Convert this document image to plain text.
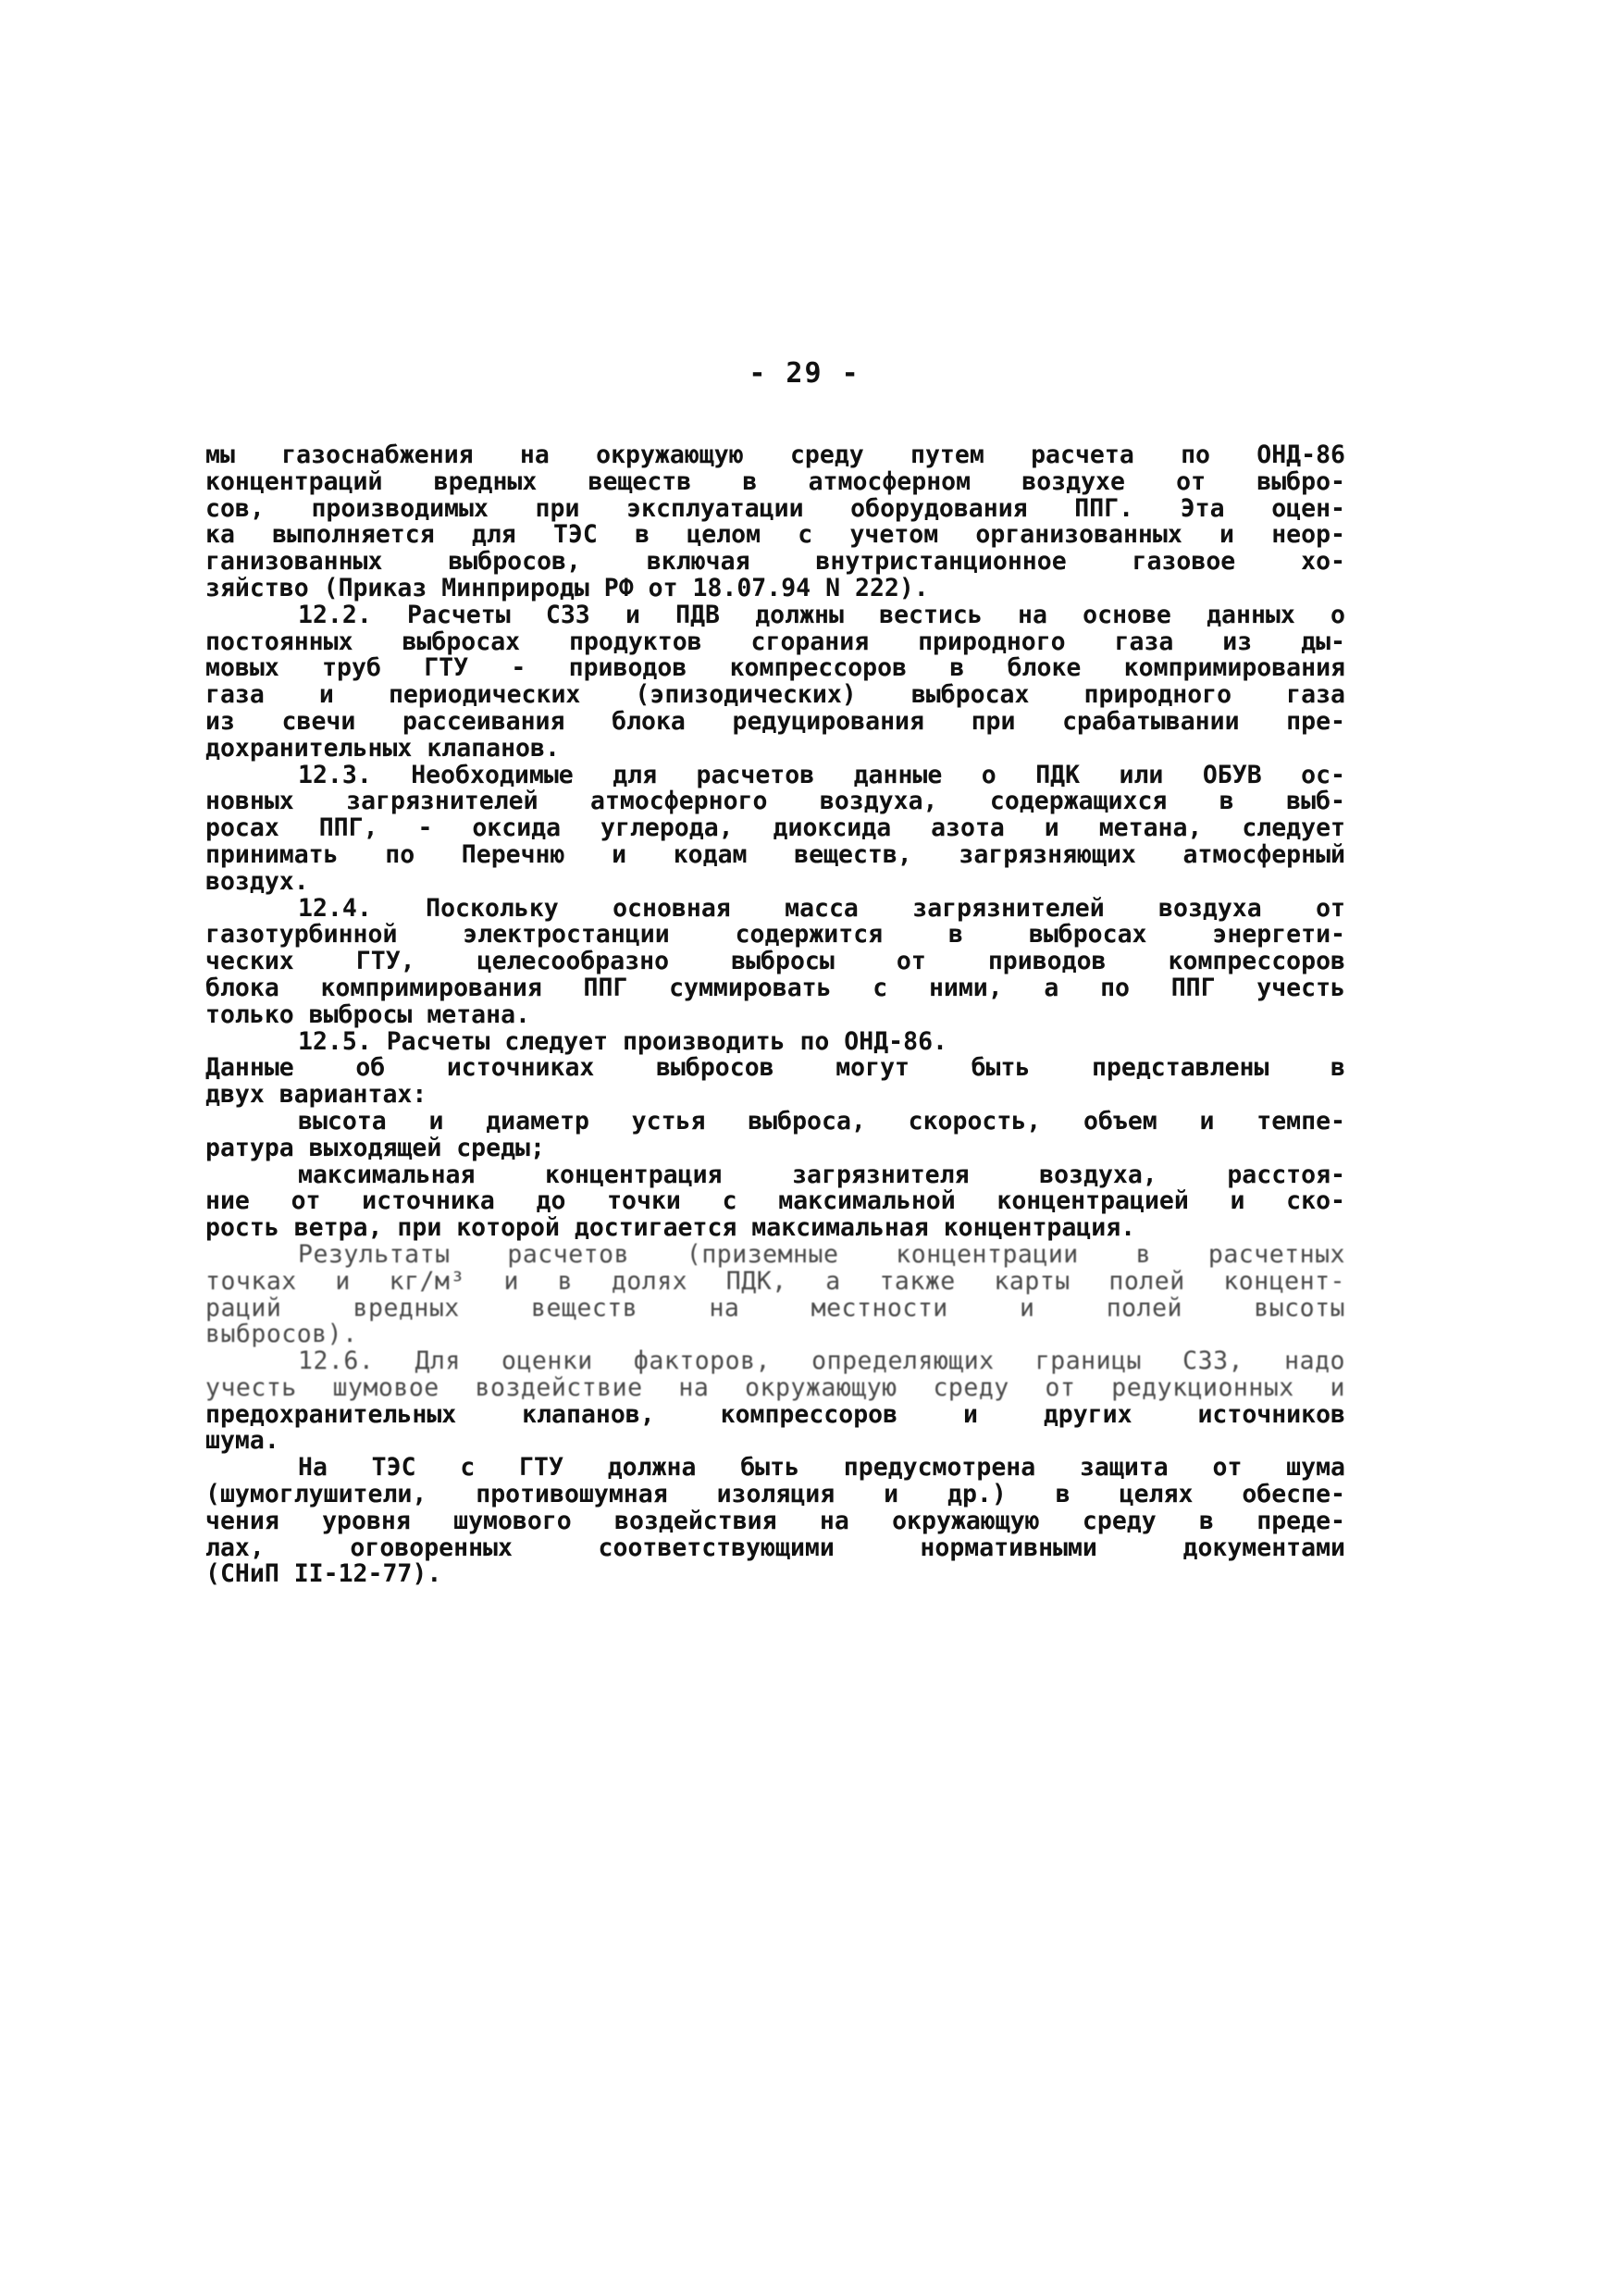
- 29 -
мы газоснабжения на окружающую среду путем расчета по ОНД-86
концентраций вредных веществ в атмосферном воздухе от выбро-
сов, производимых при эксплуатации оборудования ППГ. Эта оцен-
ка выполняется для ТЭС в целом с учетом организованных и неор-
ганизованных выбросов, включая внутристанционное газовое хо-
зяйство (Приказ Минприроды РФ от 18.07.94 N 222).
12.2. Расчеты СЗЗ и ПДВ должны вестись на основе данных о
постоянных выбросах продуктов сгорания природного газа из ды-
мовых труб ГТУ - приводов компрессоров в блоке компримирования
газа и периодических (эпизодических) выбросах природного газа
из свечи рассеивания блока редуцирования при срабатывании пре-
дохранительных клапанов.
12.3. Необходимые для расчетов данные о ПДК или ОБУВ ос-
новных загрязнителей атмосферного воздуха, содержащихся в выб-
росах ППГ, - оксида углерода, диоксида азота и метана, следует
принимать по Перечню и кодам веществ, загрязняющих атмосферный
воздух.
12.4. Поскольку основная масса загрязнителей воздуха от
газотурбинной электростанции содержится в выбросах энергети-
ческих ГТУ, целесообразно выбросы от приводов компрессоров
блока компримирования ППГ суммировать с ними, а по ППГ учесть
только выбросы метана.
12.5. Расчеты следует производить по ОНД-86.
Данные об источниках выбросов могут быть представлены в
двух вариантах:
высота и диаметр устья выброса, скорость, объем и темпе-
ратура выходящей среды;
максимальная концентрация загрязнителя воздуха, расстоя-
ние от источника до точки с максимальной концентрацией и ско-
рость ветра, при которой достигается максимальная концентрация.
Результаты расчетов (приземные концентрации в расчетных
точках и кг/м³ и в долях ПДК, а также карты полей концент-
раций вредных веществ на местности и полей высоты
выбросов).
12.6. Для оценки факторов, определяющих границы СЗЗ, надо
учесть шумовое воздействие на окружающую среду от редукционных и
предохранительных клапанов, компрессоров и других источников
шума.
На ТЭС с ГТУ должна быть предусмотрена защита от шума
(шумоглушители, противошумная изоляция и др.) в целях обеспе-
чения уровня шумового воздействия на окружающую среду в преде-
лах, оговоренных соответствующими нормативными документами
(СНиП II-12-77).
